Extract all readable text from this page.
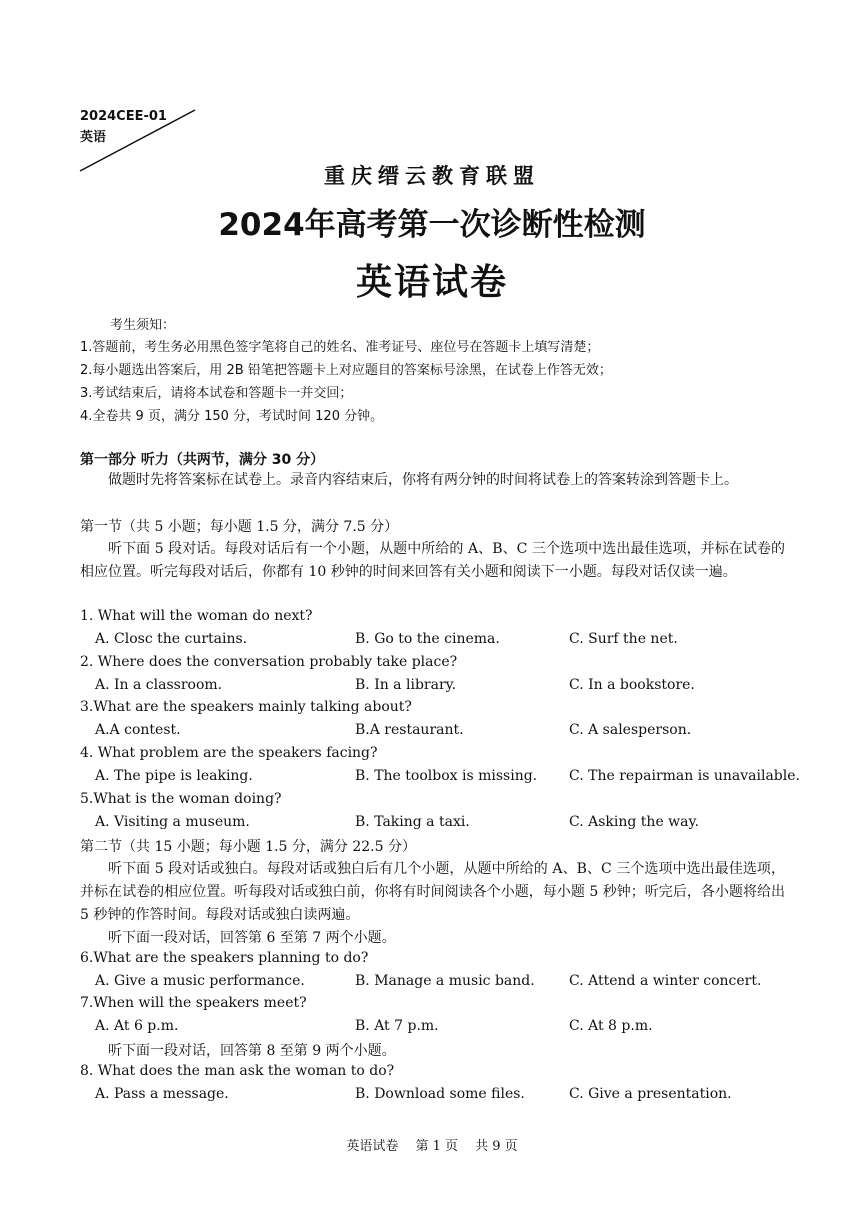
2024CEE-01
英语
重庆缙云教育联盟
2024年高考第一次诊断性检测
英语试卷
考生须知：
1.答题前，考生务必用黑色签字笔将自己的姓名、准考证号、座位号在答题卡上填写清楚；
2.每小题选出答案后，用 2B 铅笔把答题卡上对应题目的答案标号涂黑，在试卷上作答无效；
3.考试结束后，请将本试卷和答题卡一并交回；
4.全卷共 9 页，满分 150 分，考试时间 120 分钟。
第一部分 听力（共两节，满分 30 分）
做题时先将答案标在试卷上。录音内容结束后，你将有两分钟的时间将试卷上的答案转涂到答题卡上。
第一节（共 5 小题；每小题 1.5 分，满分 7.5 分）
听下面 5 段对话。每段对话后有一个小题，从题中所给的 A、B、C 三个选项中选出最佳选项，并标在试卷的相应位置。听完每段对话后，你都有 10 秒钟的时间来回答有关小题和阅读下一小题。每段对话仅读一遍。
1. What will the woman do next?
A. Closc the curtains.	B. Go to the cinema.	C. Surf the net.
2. Where does the conversation probably take place?
A. In a classroom.	B. In a library.	C. In a bookstore.
3.What are the speakers mainly talking about?
A.A contest.	B.A restaurant.	C. A salesperson.
4. What problem are the speakers facing?
A. The pipe is leaking.	B. The toolbox is missing. C. The repairman is unavailable.
5.What is the woman doing?
A. Visiting a museum.	B. Taking a taxi.	C. Asking the way.
第二节（共 15 小题；每小题 1.5 分，满分 22.5 分）
听下面 5 段对话或独白。每段对话或独白后有几个小题，从题中所给的 A、B、C 三个选项中选出最佳选项，并标在试卷的相应位置。听每段对话或独白前，你将有时间阅读各个小题，每小题 5 秒钟；听完后，各小题将给出 5 秒钟的作答时间。每段对话或独白读两遍。
听下面一段对话，回答第 6 至第 7 两个小题。
6.What are the speakers planning to do?
A. Give a music performance.	B. Manage a music band. C. Attend a winter concert.
7.When will the speakers meet?
A. At 6 p.m.	B. At 7 p.m.	C. At 8 p.m.
听下面一段对话，回答第 8 至第 9 两个小题。
8. What does the man ask the woman to do?
A. Pass a message.	B. Download some files.	C. Give a presentation.
英语试卷　 第 1 页　 共 9 页
